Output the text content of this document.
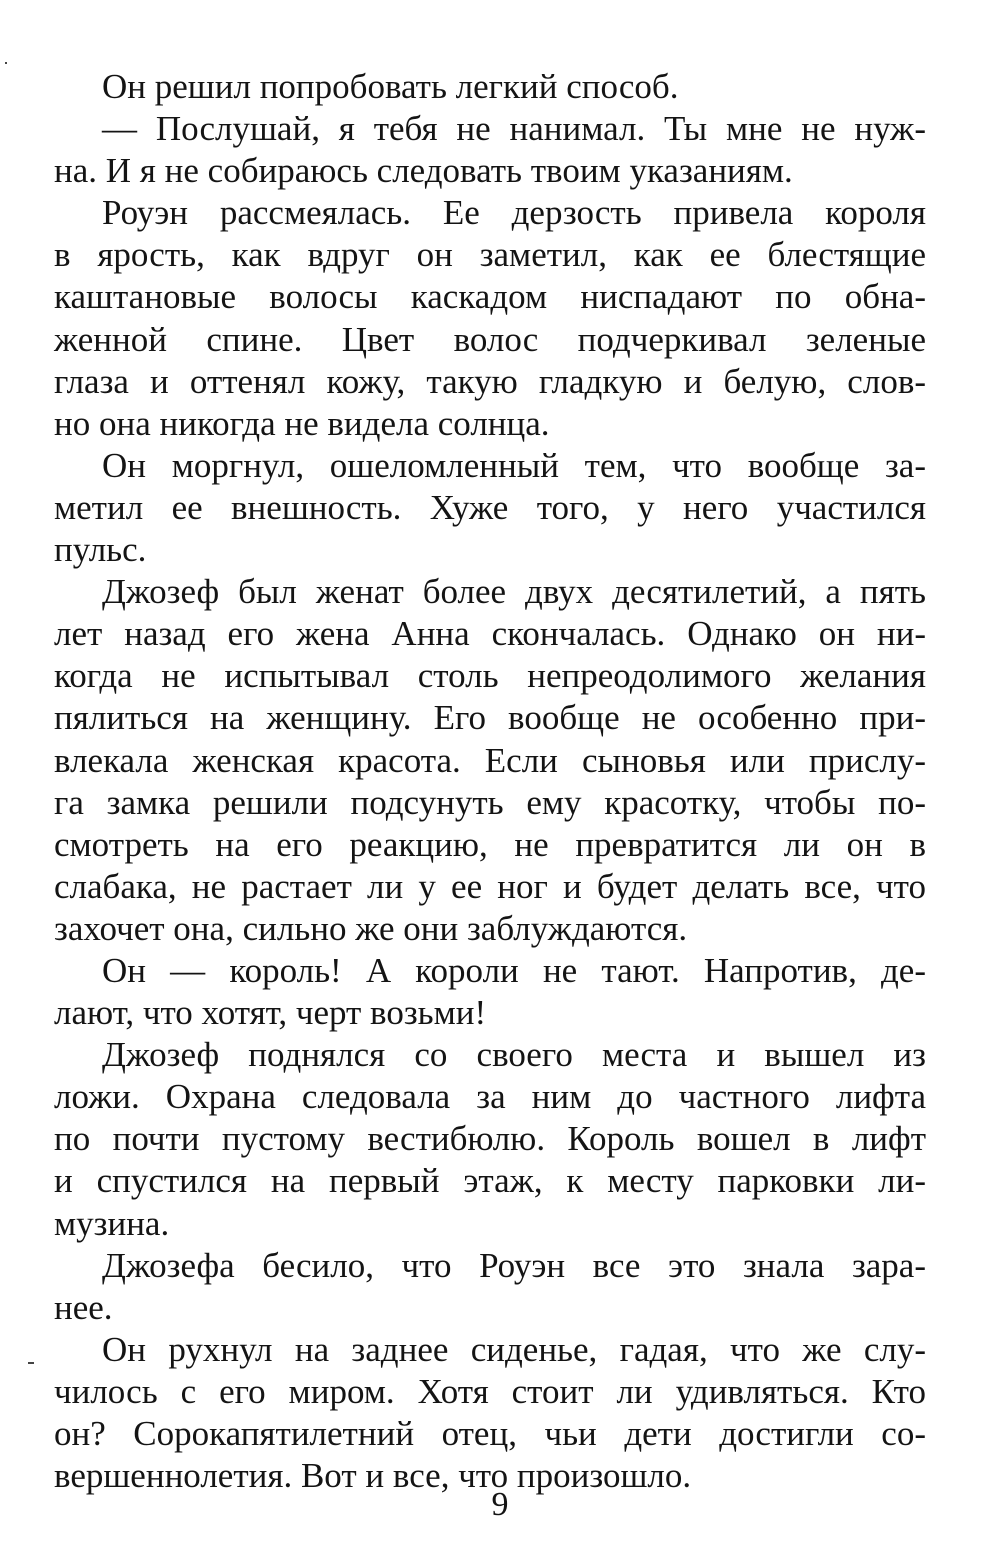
Он решил попробовать легкий способ.
— Послушай, я тебя не нанимал. Ты мне не нуж-
на. И я не собираюсь следовать твоим указаниям.
Роуэн рассмеялась. Ее дерзость привела короля
в ярость, как вдруг он заметил, как ее блестящие
каштановые волосы каскадом ниспадают по обна-
женной спине. Цвет волос подчеркивал зеленые
глаза и оттенял кожу, такую гладкую и белую, слов-
но она никогда не видела солнца.
Он моргнул, ошеломленный тем, что вообще за-
метил ее внешность. Хуже того, у него участился
пульс.
Джозеф был женат более двух десятилетий, а пять
лет назад его жена Анна скончалась. Однако он ни-
когда не испытывал столь непреодолимого желания
пялиться на женщину. Его вообще не особенно при-
влекала женская красота. Если сыновья или прислу-
га замка решили подсунуть ему красотку, чтобы по-
смотреть на его реакцию, не превратится ли он в
слабака, не растает ли у ее ног и будет делать все, что
захочет она, сильно же они заблуждаются.
Он — король! А короли не тают. Напротив, де-
лают, что хотят, черт возьми!
Джозеф поднялся со своего места и вышел из
ложи. Охрана следовала за ним до частного лифта
по почти пустому вестибюлю. Король вошел в лифт
и спустился на первый этаж, к месту парковки ли-
музина.
Джозефа бесило, что Роуэн все это знала зара-
нее.
Он рухнул на заднее сиденье, гадая, что же слу-
чилось с его миром. Хотя стоит ли удивляться. Кто
он? Сорокапятилетний отец, чьи дети достигли со-
вершеннолетия. Вот и все, что произошло.
9
